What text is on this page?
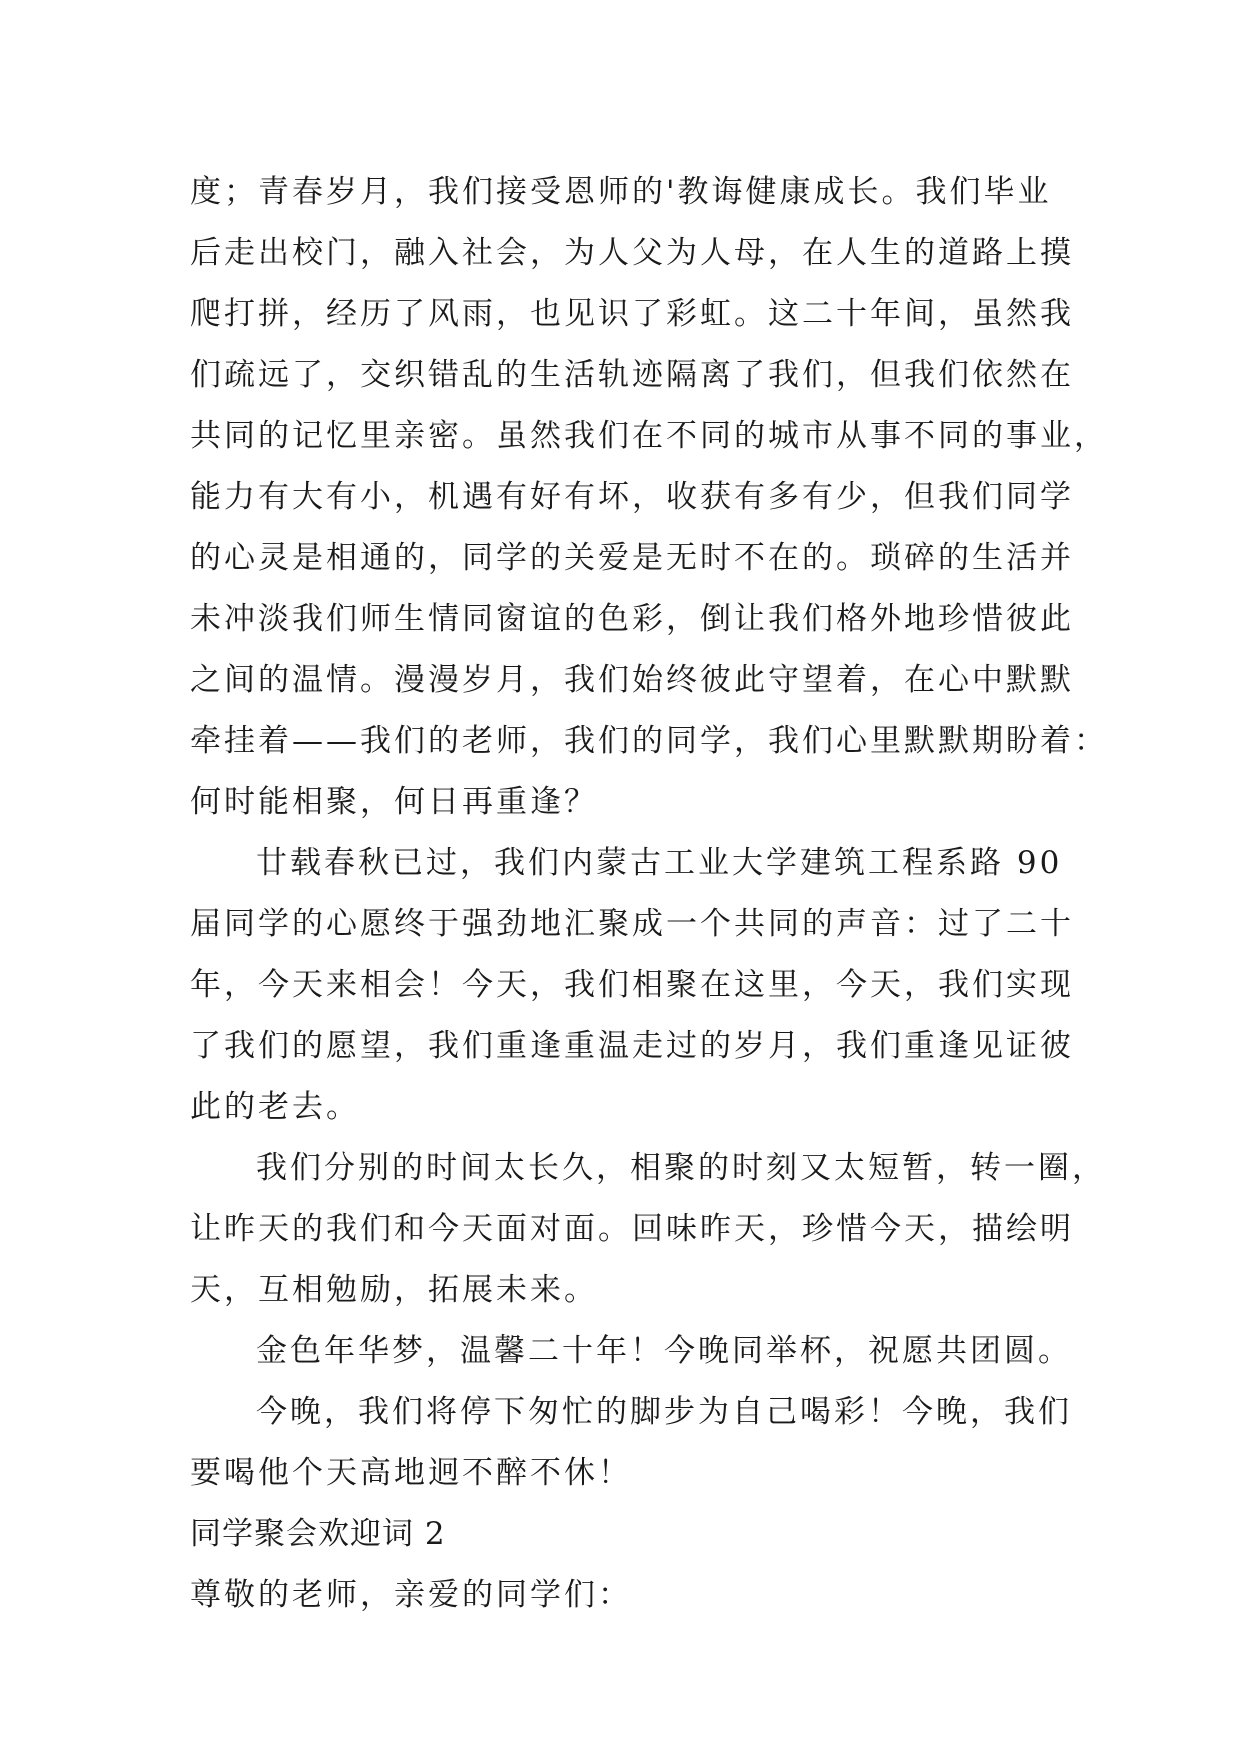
度；青春岁月，我们接受恩师的'教诲健康成长。我们毕业
后走出校门，融入社会，为人父为人母，在人生的道路上摸
爬打拼，经历了风雨，也见识了彩虹。这二十年间，虽然我
们疏远了，交织错乱的生活轨迹隔离了我们，但我们依然在
共同的记忆里亲密。虽然我们在不同的城市从事不同的事业，
能力有大有小，机遇有好有坏，收获有多有少，但我们同学
的心灵是相通的，同学的关爱是无时不在的。琐碎的生活并
未冲淡我们师生情同窗谊的色彩，倒让我们格外地珍惜彼此
之间的温情。漫漫岁月，我们始终彼此守望着，在心中默默
牵挂着——我们的老师，我们的同学，我们心里默默期盼着：
何时能相聚，何日再重逢？
廿载春秋已过，我们内蒙古工业大学建筑工程系路 90
届同学的心愿终于强劲地汇聚成一个共同的声音：过了二十
年，今天来相会！今天，我们相聚在这里，今天，我们实现
了我们的愿望，我们重逢重温走过的岁月，我们重逢见证彼
此的老去。
我们分别的时间太长久，相聚的时刻又太短暂，转一圈，
让昨天的我们和今天面对面。回味昨天，珍惜今天，描绘明
天，互相勉励，拓展未来。
金色年华梦，温馨二十年！今晚同举杯，祝愿共团圆。
今晚，我们将停下匆忙的脚步为自己喝彩！今晚，我们
要喝他个天高地迥不醉不休！
同学聚会欢迎词 2
尊敬的老师，亲爱的同学们：
